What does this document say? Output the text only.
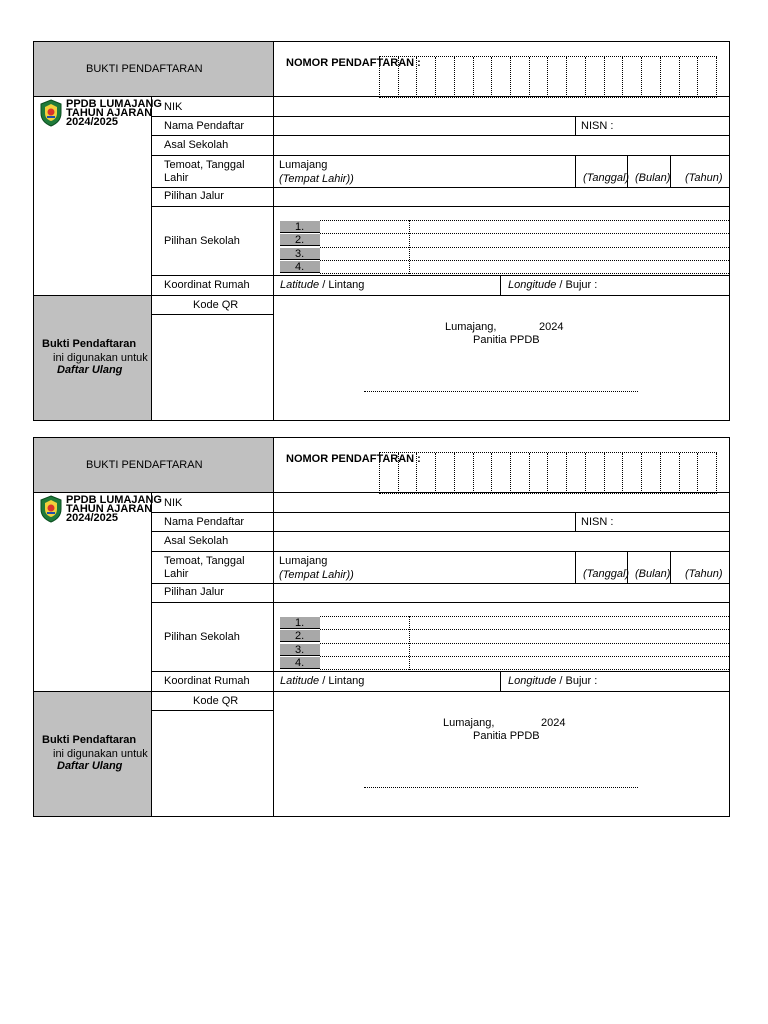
BUKTI PENDAFTARAN	NOMOR PENDAFTARAN :
PPDB LUMAJANG
TAHUN AJARAN
2024/2025
NIK
Nama Pendaftar	NISN :
Asal Sekolah
Temoat, Tanggal Lahir
Lumajang
(Tempat Lahir))	(Tanggal) (Bulan) (Tahun)
Pilihan Jalur
Pilihan Sekolah
1.
2.
3.
4.
Koordinat Rumah	Latitude / Lintang	Longitude / Bujur :
Kode QR
Bukti Pendaftaran
ini digunakan untuk
Daftar Ulang
Lumajang,	2024
Panitia PPDB
BUKTI PENDAFTARAN	NOMOR PENDAFTARAN :
PPDB LUMAJANG
TAHUN AJARAN
2024/2025
NIK
Nama Pendaftar	NISN :
Asal Sekolah
Temoat, Tanggal Lahir
Lumajang
(Tempat Lahir))	(Tanggal) (Bulan) (Tahun)
Pilihan Jalur
Pilihan Sekolah
1.
2.
3.
4.
Koordinat Rumah	Latitude / Lintang	Longitude / Bujur :
Kode QR
Bukti Pendaftaran
ini digunakan untuk
Daftar Ulang
Lumajang,	2024
Panitia PPDB
